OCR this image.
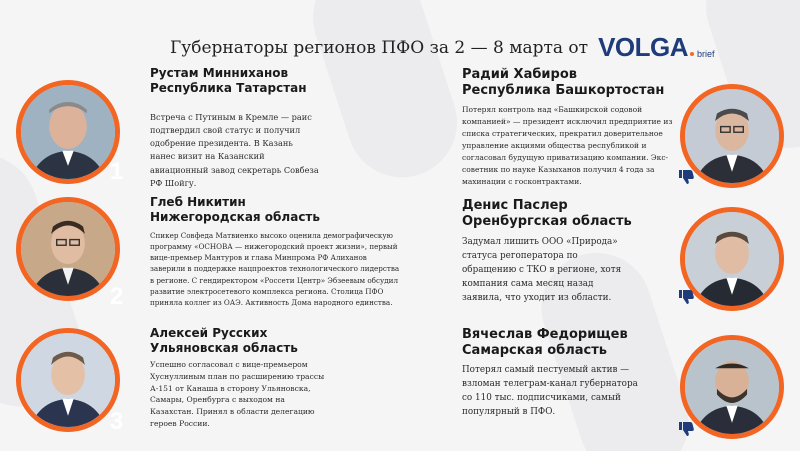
Губернаторы регионов ПФО за 2 — 8 марта от VOLGA brief
1
Рустам Минниханов
Республика Татарстан
Встреча с Путиным в Кремле — раис подтвердил свой статус и получил одобрение президента. В Казань нанес визит на Казанский авиационный завод секретарь Совбеза РФ Шойгу.
2
Глеб Никитин
Нижегородская область
Спикер Совфеда Матвиенко высоко оценила демографическую программу «ОСНОВА — нижегородский проект жизни», первый вице-премьер Мантуров и глава Минпрома РФ Алиханов заверили в поддержке нацпроектов технологического лидерства в регионе. С гендиректором «Россети Центр» Эбзеевым обсудил развитие электросетевого комплекса региона. Столица ПФО приняла коллег из ОАЭ. Активность Дома народного единства.
3
Алексей Русских
Ульяновская область
Успешно согласовал с вице-премьером Хуснуллиным план по расширению трассы А-151 от Канаша в сторону Ульяновска, Самары, Оренбурга с выходом на Казахстан. Принял в области делегацию героев России.
Радий Хабиров
Республика Башкортостан
Потерял контроль над «Башкирской содовой компанией» — президент исключил предприятие из списка стратегических, прекратил доверительное управление акциями общества республикой и согласовал будущую приватизацию компании. Экс-советник по науке Казыханов получил 4 года за махинации с госконтрактами.
Денис Паслер
Оренбургская область
Задумал лишить ООО «Природа» статуса регоператора по обращению с ТКО в регионе, хотя компания сама месяц назад заявила, что уходит из области.
Вячеслав Федорищев
Самарская область
Потерял самый пестуемый актив — взломан телеграм-канал губернатора со 110 тыс. подписчиками, самый популярный в ПФО.
